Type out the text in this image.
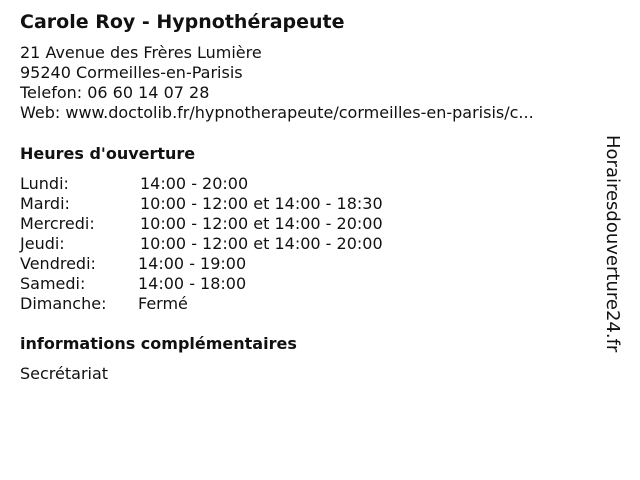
Carole Roy - Hypnothérapeute
21 Avenue des Frères Lumière
95240 Cormeilles-en-Parisis
Telefon: 06 60 14 07 28
Web: www.doctolib.fr/hypnotherapeute/cormeilles-en-parisis/c...
Heures d'ouverture
Lundi:	14:00 - 20:00
Mardi:	10:00 - 12:00 et 14:00 - 18:30
Mercredi:	10:00 - 12:00 et 14:00 - 20:00
Jeudi:	10:00 - 12:00 et 14:00 - 20:00
Vendredi:	14:00 - 19:00
Samedi:	14:00 - 18:00
Dimanche: Fermé
informations complémentaires
Secrétariat
Horairesdouverture24.fr
